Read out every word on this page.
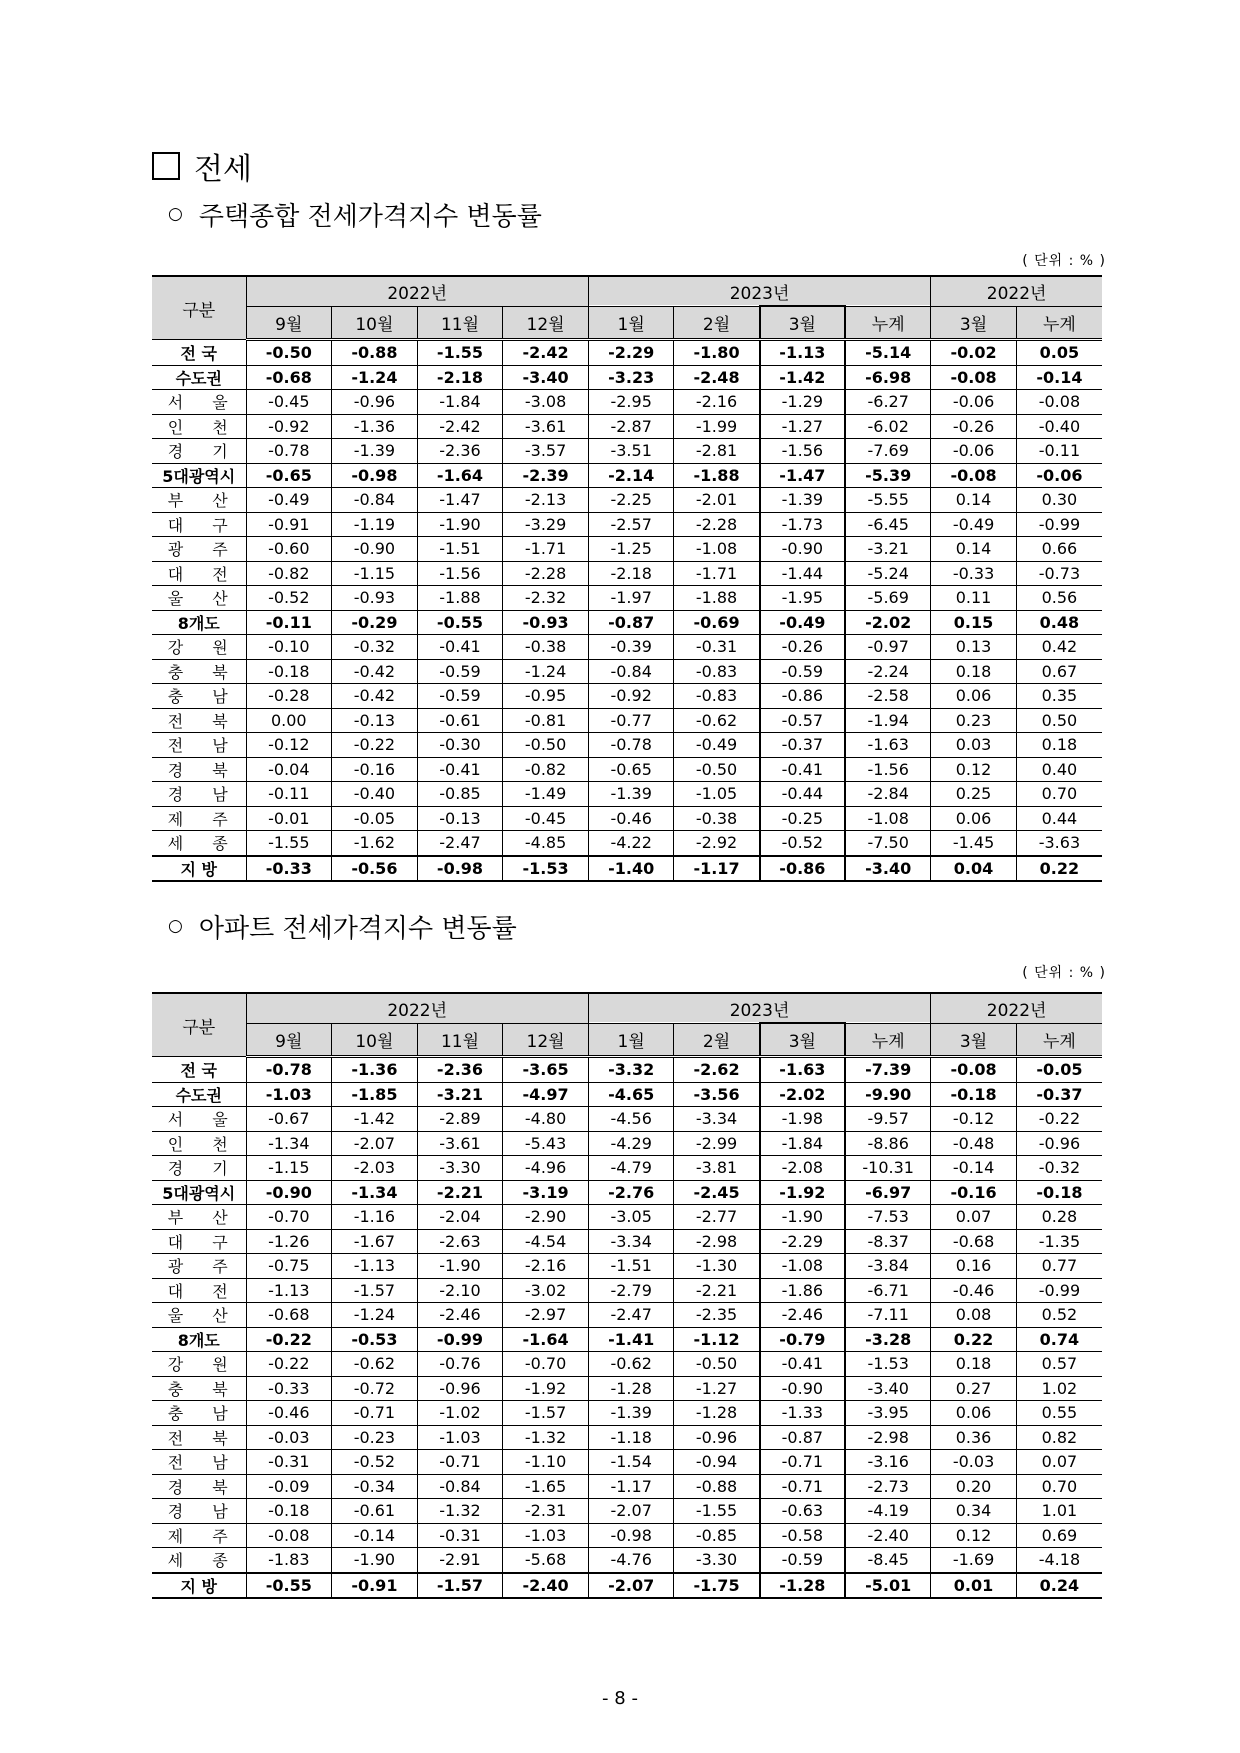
전세
○ 주택종합 전세가격지수 변동률
( 단위 : % )
구분	2022년				2023년				2022년	
	9월	10월	11월	12월	1월	2월	3월	누계	3월	누계
전 국	-0.50	-0.88	-1.55	-2.42	-2.29	-1.80	-1.13	-5.14	-0.02	0.05
수도권	-0.68	-1.24	-2.18	-3.40	-3.23	-2.48	-1.42	-6.98	-0.08	-0.14
서 울	-0.45	-0.96	-1.84	-3.08	-2.95	-2.16	-1.29	-6.27	-0.06	-0.08
인 천	-0.92	-1.36	-2.42	-3.61	-2.87	-1.99	-1.27	-6.02	-0.26	-0.40
경 기	-0.78	-1.39	-2.36	-3.57	-3.51	-2.81	-1.56	-7.69	-0.06	-0.11
5대광역시	-0.65	-0.98	-1.64	-2.39	-2.14	-1.88	-1.47	-5.39	-0.08	-0.06
부 산	-0.49	-0.84	-1.47	-2.13	-2.25	-2.01	-1.39	-5.55	0.14	0.30
대 구	-0.91	-1.19	-1.90	-3.29	-2.57	-2.28	-1.73	-6.45	-0.49	-0.99
광 주	-0.60	-0.90	-1.51	-1.71	-1.25	-1.08	-0.90	-3.21	0.14	0.66
대 전	-0.82	-1.15	-1.56	-2.28	-2.18	-1.71	-1.44	-5.24	-0.33	-0.73
울 산	-0.52	-0.93	-1.88	-2.32	-1.97	-1.88	-1.95	-5.69	0.11	0.56
8개도	-0.11	-0.29	-0.55	-0.93	-0.87	-0.69	-0.49	-2.02	0.15	0.48
강 원	-0.10	-0.32	-0.41	-0.38	-0.39	-0.31	-0.26	-0.97	0.13	0.42
충 북	-0.18	-0.42	-0.59	-1.24	-0.84	-0.83	-0.59	-2.24	0.18	0.67
충 남	-0.28	-0.42	-0.59	-0.95	-0.92	-0.83	-0.86	-2.58	0.06	0.35
전 북	0.00	-0.13	-0.61	-0.81	-0.77	-0.62	-0.57	-1.94	0.23	0.50
전 남	-0.12	-0.22	-0.30	-0.50	-0.78	-0.49	-0.37	-1.63	0.03	0.18
경 북	-0.04	-0.16	-0.41	-0.82	-0.65	-0.50	-0.41	-1.56	0.12	0.40
경 남	-0.11	-0.40	-0.85	-1.49	-1.39	-1.05	-0.44	-2.84	0.25	0.70
제 주	-0.01	-0.05	-0.13	-0.45	-0.46	-0.38	-0.25	-1.08	0.06	0.44
세 종	-1.55	-1.62	-2.47	-4.85	-4.22	-2.92	-0.52	-7.50	-1.45	-3.63
지 방	-0.33	-0.56	-0.98	-1.53	-1.40	-1.17	-0.86	-3.40	0.04	0.22
○ 아파트 전세가격지수 변동률
( 단위 : % )
구분	2022년				2023년				2022년	
	9월	10월	11월	12월	1월	2월	3월	누계	3월	누계
전 국	-0.78	-1.36	-2.36	-3.65	-3.32	-2.62	-1.63	-7.39	-0.08	-0.05
수도권	-1.03	-1.85	-3.21	-4.97	-4.65	-3.56	-2.02	-9.90	-0.18	-0.37
서 울	-0.67	-1.42	-2.89	-4.80	-4.56	-3.34	-1.98	-9.57	-0.12	-0.22
인 천	-1.34	-2.07	-3.61	-5.43	-4.29	-2.99	-1.84	-8.86	-0.48	-0.96
경 기	-1.15	-2.03	-3.30	-4.96	-4.79	-3.81	-2.08	-10.31	-0.14	-0.32
5대광역시	-0.90	-1.34	-2.21	-3.19	-2.76	-2.45	-1.92	-6.97	-0.16	-0.18
부 산	-0.70	-1.16	-2.04	-2.90	-3.05	-2.77	-1.90	-7.53	0.07	0.28
대 구	-1.26	-1.67	-2.63	-4.54	-3.34	-2.98	-2.29	-8.37	-0.68	-1.35
광 주	-0.75	-1.13	-1.90	-2.16	-1.51	-1.30	-1.08	-3.84	0.16	0.77
대 전	-1.13	-1.57	-2.10	-3.02	-2.79	-2.21	-1.86	-6.71	-0.46	-0.99
울 산	-0.68	-1.24	-2.46	-2.97	-2.47	-2.35	-2.46	-7.11	0.08	0.52
8개도	-0.22	-0.53	-0.99	-1.64	-1.41	-1.12	-0.79	-3.28	0.22	0.74
강 원	-0.22	-0.62	-0.76	-0.70	-0.62	-0.50	-0.41	-1.53	0.18	0.57
충 북	-0.33	-0.72	-0.96	-1.92	-1.28	-1.27	-0.90	-3.40	0.27	1.02
충 남	-0.46	-0.71	-1.02	-1.57	-1.39	-1.28	-1.33	-3.95	0.06	0.55
전 북	-0.03	-0.23	-1.03	-1.32	-1.18	-0.96	-0.87	-2.98	0.36	0.82
전 남	-0.31	-0.52	-0.71	-1.10	-1.54	-0.94	-0.71	-3.16	-0.03	0.07
경 북	-0.09	-0.34	-0.84	-1.65	-1.17	-0.88	-0.71	-2.73	0.20	0.70
경 남	-0.18	-0.61	-1.32	-2.31	-2.07	-1.55	-0.63	-4.19	0.34	1.01
제 주	-0.08	-0.14	-0.31	-1.03	-0.98	-0.85	-0.58	-2.40	0.12	0.69
세 종	-1.83	-1.90	-2.91	-5.68	-4.76	-3.30	-0.59	-8.45	-1.69	-4.18
지 방	-0.55	-0.91	-1.57	-2.40	-2.07	-1.75	-1.28	-5.01	0.01	0.24
- 8 -
